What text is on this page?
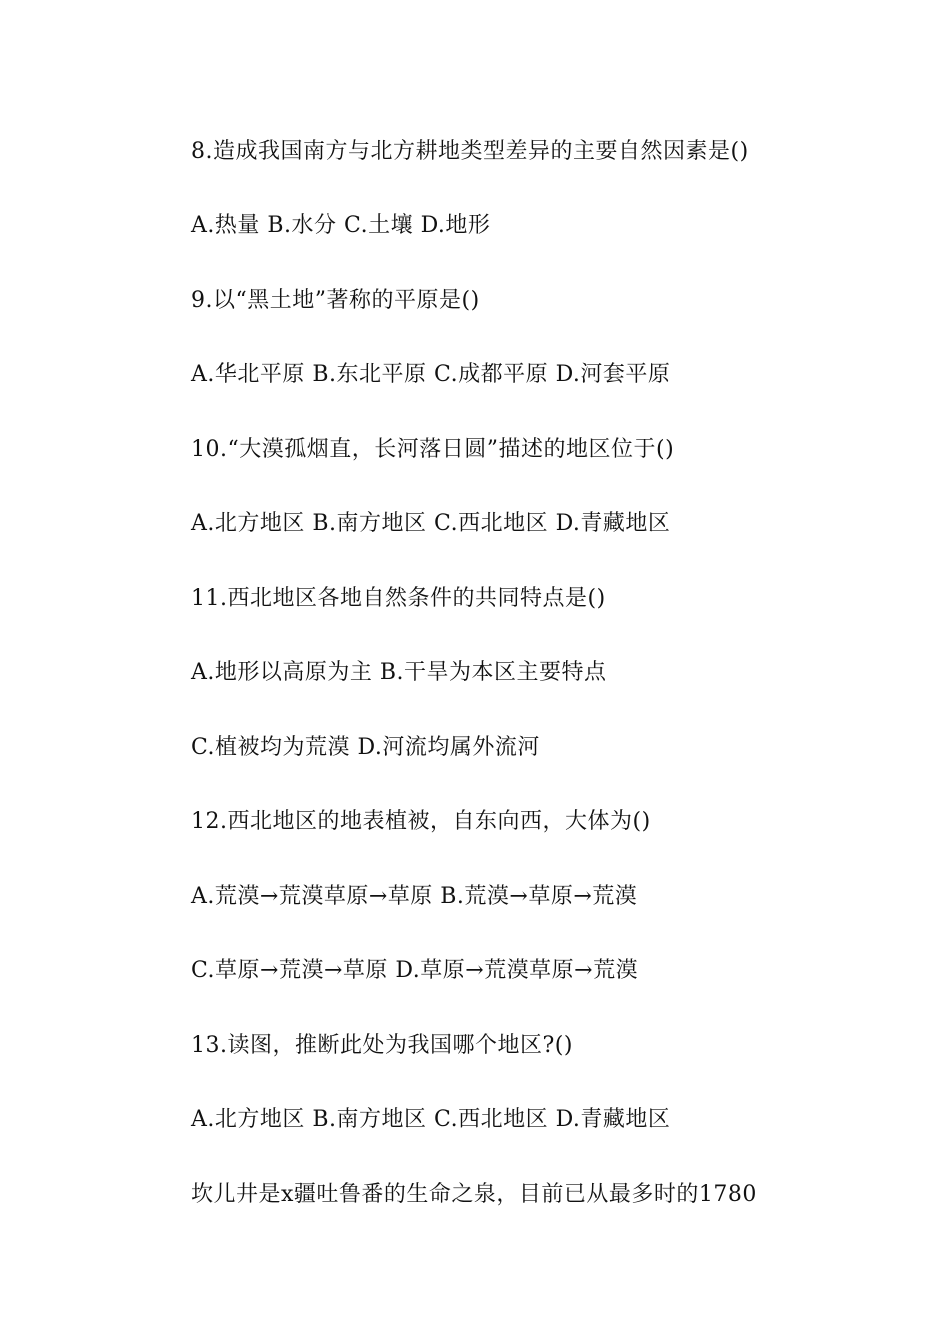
8.造成我国南方与北方耕地类型差异的主要自然因素是()

A.热量 B.水分 C.土壤 D.地形

9.以“黑土地”著称的平原是()

A.华北平原 B.东北平原 C.成都平原 D.河套平原

10.“大漠孤烟直，长河落日圆”描述的地区位于()

A.北方地区 B.南方地区 C.西北地区 D.青藏地区

11.西北地区各地自然条件的共同特点是()

A.地形以高原为主 B.干旱为本区主要特点

C.植被均为荒漠 D.河流均属外流河

12.西北地区的地表植被，自东向西，大体为()

A.荒漠→荒漠草原→草原 B.荒漠→草原→荒漠

C.草原→荒漠→草原 D.草原→荒漠草原→荒漠

13.读图，推断此处为我国哪个地区?()

A.北方地区 B.南方地区 C.西北地区 D.青藏地区

坎儿井是x疆吐鲁番的生命之泉，目前已从最多时的1780
